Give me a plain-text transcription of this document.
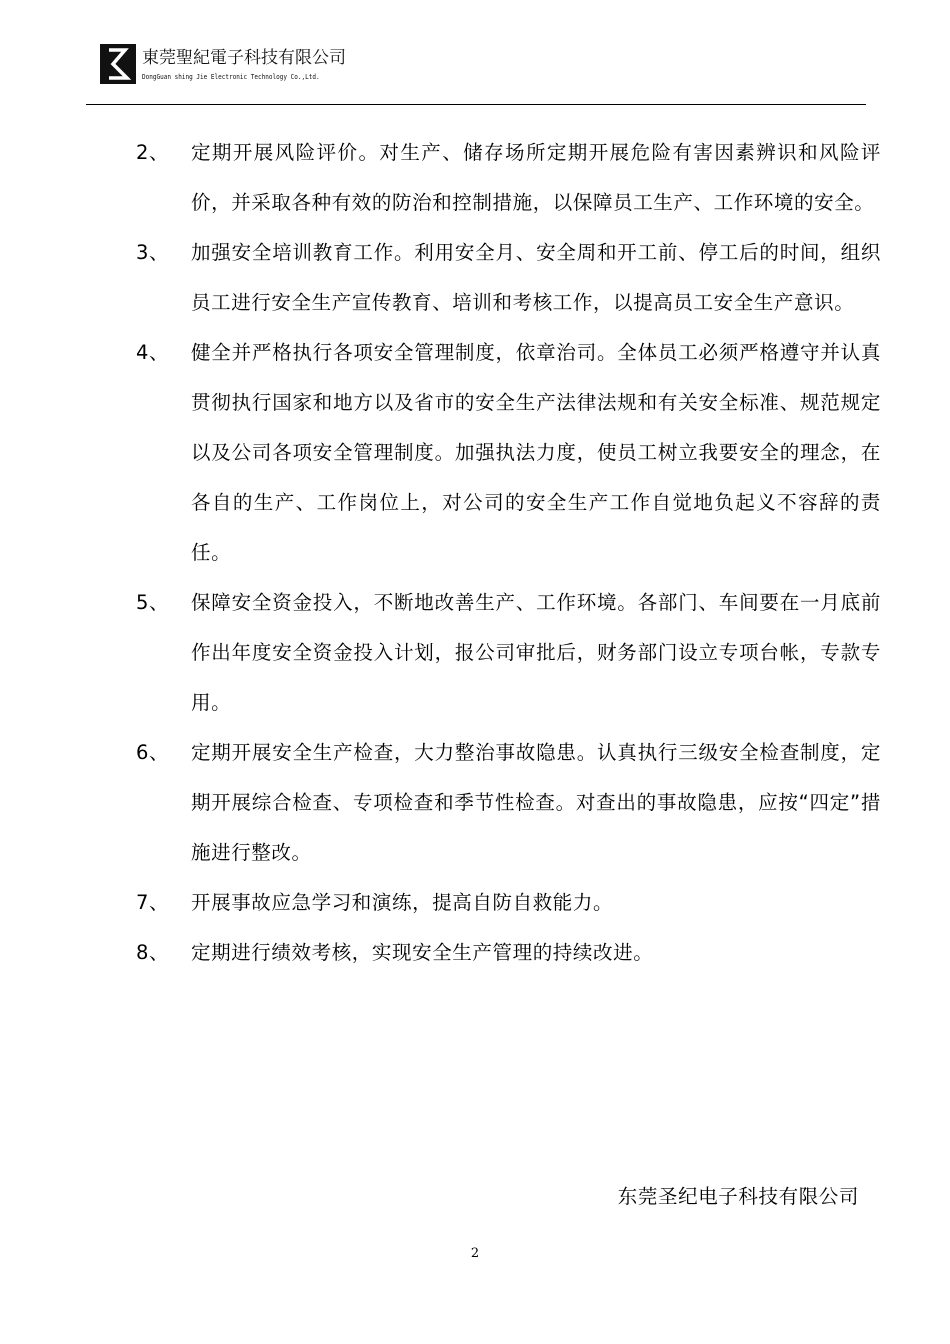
東莞聖紀電子科技有限公司
DongGuan shing Jie Electronic Technology Co.,Ltd.
2、 定期开展风险评价。对生产、储存场所定期开展危险有害因素辨识和风险评价，并采取各种有效的防治和控制措施，以保障员工生产、工作环境的安全。
3、 加强安全培训教育工作。利用安全月、安全周和开工前、停工后的时间，组织员工进行安全生产宣传教育、培训和考核工作，以提高员工安全生产意识。
4、 健全并严格执行各项安全管理制度，依章治司。全体员工必须严格遵守并认真贯彻执行国家和地方以及省市的安全生产法律法规和有关安全标准、规范规定以及公司各项安全管理制度。加强执法力度，使员工树立我要安全的理念，在各自的生产、工作岗位上，对公司的安全生产工作自觉地负起义不容辞的责任。
5、 保障安全资金投入，不断地改善生产、工作环境。各部门、车间要在一月底前作出年度安全资金投入计划，报公司审批后，财务部门设立专项台帐，专款专用。
6、 定期开展安全生产检查，大力整治事故隐患。认真执行三级安全检查制度，定期开展综合检查、专项检查和季节性检查。对查出的事故隐患，应按“四定”措施进行整改。
7、 开展事故应急学习和演练，提高自防自救能力。
8、 定期进行绩效考核，实现安全生产管理的持续改进。
东莞圣纪电子科技有限公司
2
